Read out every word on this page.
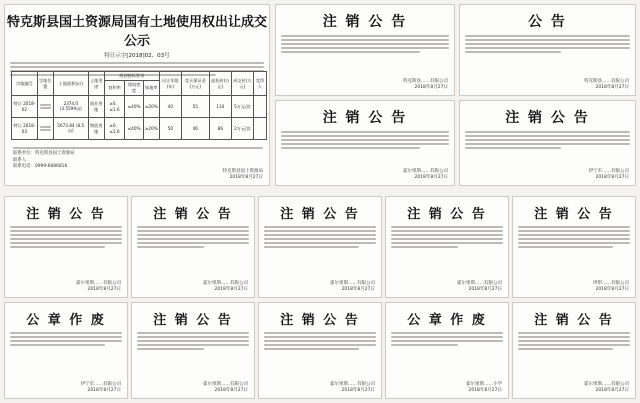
特克斯县国土资源局国有土地使用权出让成交公示
特让示字[2018]02、03号
宗地编号	宗地位置	土地面积(㎡)	土地用途	规划指标要求			出让年限(年)	竞买保证金(万元)	起始价(万元)	成交价(万元)	竞得人
				容积率	建筑密度	绿地率					
特让 2018-02		2374.0 (3.5599亩)	商业用地	≥0，≤1.6	≤40%	≥20%	40	55	110	5万元/次	
特让 2018-03		5673.84 (8.5亩)	物流用地	≥0，≤1.6	≤40%	≥20%	50	46	86	2万元/次	
联系单位：特克斯县国土资源局
联系人：
联系电话：0999-6686816
特克斯县国土资源局
2018年8月27日
注 销 公 告
特克斯县……有限公司
2018年8月27日
公 告
特克斯县……有限公司
2018年8月27日
注 销 公 告
霍尔果斯……有限公司
2018年8月27日
注 销 公 告
伊宁市……有限公司
2018年8月27日
注 销 公 告
霍尔果斯……有限公司
2018年8月27日
注 销 公 告
霍尔果斯……有限公司
2018年8月27日
注 销 公 告
霍尔果斯……有限公司
2018年8月27日
注 销 公 告
霍尔果斯……有限公司
2018年8月27日
注 销 公 告
伊犁……有限公司
2018年8月27日
公 章 作 废
伊宁市……有限公司
2018年8月27日
注 销 公 告
霍尔果斯……有限公司
2018年8月27日
注 销 公 告
霍尔果斯……有限公司
2018年8月27日
公 章 作 废
霍尔果斯……小学
2018年8月27日
注 销 公 告
霍尔果斯……有限公司
2018年8月27日
